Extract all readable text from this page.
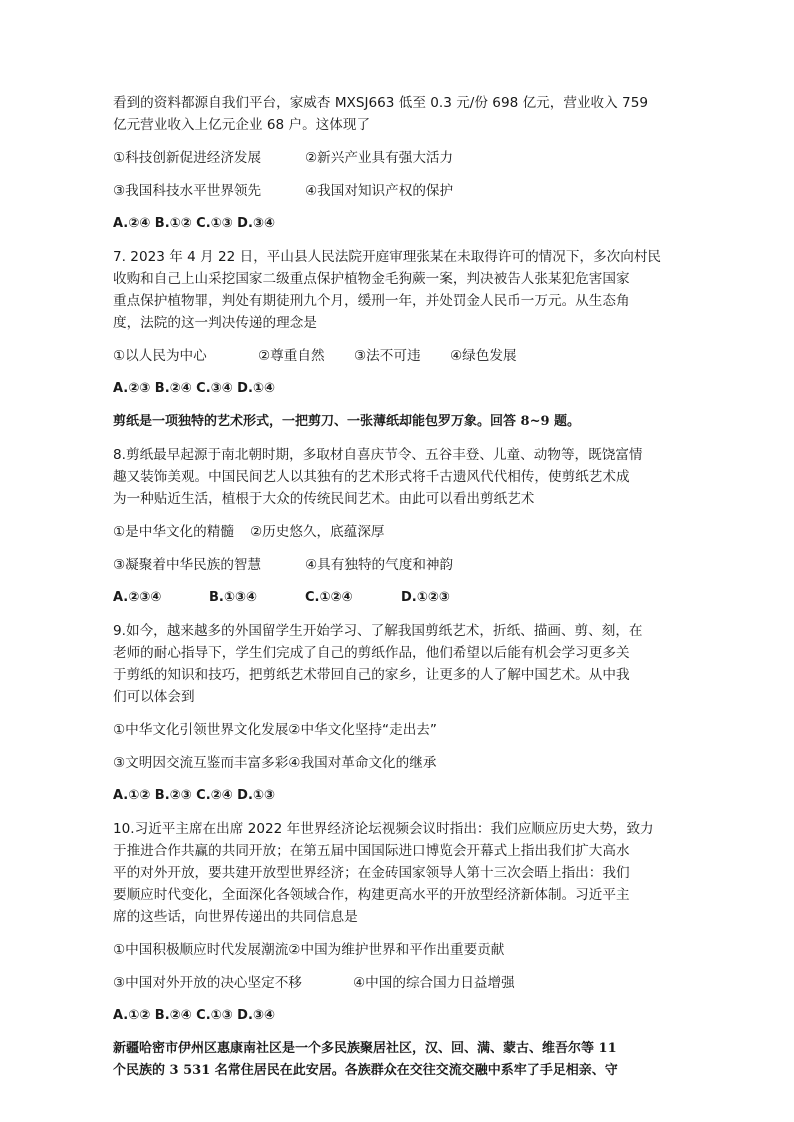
看到的资料都源自我们平台，家威杏 MXSJ663 低至 0.3 元/份 698 亿元，营业收入 759

亿元营业收入上亿元企业 68 户。这体现了

①科技创新促进经济发展	②新兴产业具有强大活力

③我国科技水平世界领先	④我国对知识产权的保护

A.②④ B.①② C.①③ D.③④

7. 2023 年 4 月 22 日，平山县人民法院开庭审理张某在未取得许可的情况下，多次向村民

收购和自己上山采挖国家二级重点保护植物金毛狗蕨一案，判决被告人张某犯危害国家

重点保护植物罪，判处有期徒刑九个月，缓刑一年，并处罚金人民币一万元。从生态角

度，法院的这一判决传递的理念是

①以人民为中心	②尊重自然 ③法不可违 ④绿色发展

A.②③ B.②④ C.③④ D.①④

剪纸是一项独特的艺术形式，一把剪刀、一张薄纸却能包罗万象。回答 8~9 题。

8.剪纸最早起源于南北朝时期，多取材自喜庆节令、五谷丰登、儿童、动物等，既饶富情

趣又装饰美观。中国民间艺人以其独有的艺术形式将千古遗风代代相传，使剪纸艺术成

为一种贴近生活，植根于大众的传统民间艺术。由此可以看出剪纸艺术

①是中华文化的精髓 ②历史悠久，底蕴深厚

③凝聚着中华民族的智慧	④具有独特的气度和神韵

A.②③④	B.①③④	C.①②④	D.①②③

9.如今，越来越多的外国留学生开始学习、了解我国剪纸艺术，折纸、描画、剪、刻，在

老师的耐心指导下，学生们完成了自己的剪纸作品，他们希望以后能有机会学习更多关

于剪纸的知识和技巧，把剪纸艺术带回自己的家乡，让更多的人了解中国艺术。从中我

们可以体会到

①中华文化引领世界文化发展②中华文化坚持“走出去”

③文明因交流互鉴而丰富多彩④我国对革命文化的继承

A.①② B.②③ C.②④ D.①③

10.习近平主席在出席 2022 年世界经济论坛视频会议时指出：我们应顺应历史大势，致力

于推进合作共赢的共同开放；在第五届中国国际进口博览会开幕式上指出我们扩大高水

平的对外开放，要共建开放型世界经济；在金砖国家领导人第十三次会晤上指出：我们

要顺应时代变化，全面深化各领域合作，构建更高水平的开放型经济新体制。习近平主

席的这些话，向世界传递出的共同信息是

①中国积极顺应时代发展潮流②中国为维护世界和平作出重要贡献

③中国对外开放的决心坚定不移	④中国的综合国力日益增强

A.①② B.②④ C.①③ D.③④

新疆哈密市伊州区惠康南社区是一个多民族聚居社区，汉、回、满、蒙古、维吾尔等 11

个民族的 3 531 名常住居民在此安居。各族群众在交往交流交融中系牢了手足相亲、守
